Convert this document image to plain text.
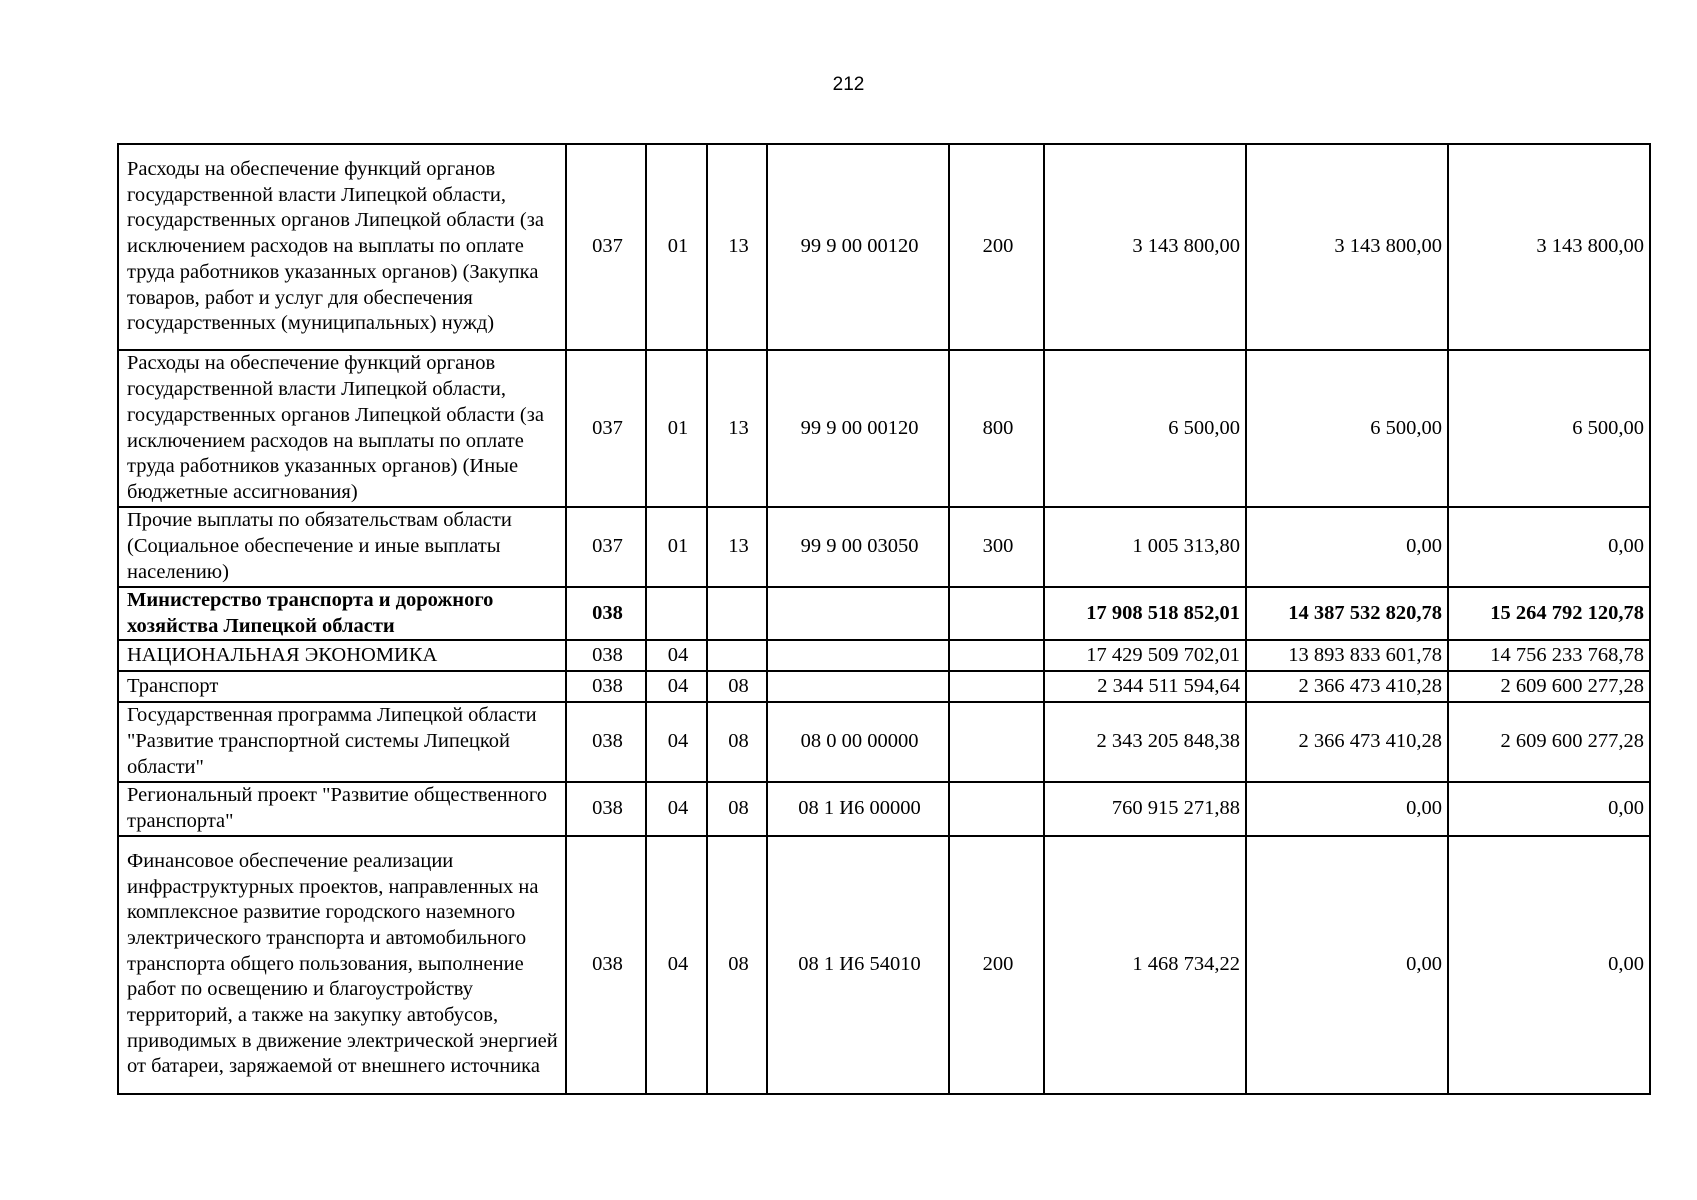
212
Расходы на обеспечение функций органов государственной власти Липецкой области, государственных органов Липецкой области (за исключением расходов на выплаты по оплате труда работников указанных органов) (Закупка товаров, работ и услуг для обеспечения государственных (муниципальных) нужд)	037	01	13	99 9 00 00120	200	3 143 800,00	3 143 800,00	3 143 800,00
Расходы на обеспечение функций органов государственной власти Липецкой области, государственных органов Липецкой области (за исключением расходов на выплаты по оплате труда работников указанных органов) (Иные бюджетные ассигнования)	037	01	13	99 9 00 00120	800	6 500,00	6 500,00	6 500,00
Прочие выплаты по обязательствам области (Социальное обеспечение и иные выплаты населению)	037	01	13	99 9 00 03050	300	1 005 313,80	0,00	0,00
Министерство транспорта и дорожного хозяйства Липецкой области	038					17 908 518 852,01	14 387 532 820,78	15 264 792 120,78
НАЦИОНАЛЬНАЯ ЭКОНОМИКА	038	04				17 429 509 702,01	13 893 833 601,78	14 756 233 768,78
Транспорт	038	04	08			2 344 511 594,64	2 366 473 410,28	2 609 600 277,28
Государственная программа Липецкой области "Развитие транспортной системы Липецкой области"	038	04	08	08 0 00 00000		2 343 205 848,38	2 366 473 410,28	2 609 600 277,28
Региональный проект "Развитие общественного транспорта"	038	04	08	08 1 И6 00000		760 915 271,88	0,00	0,00
Финансовое обеспечение реализации инфраструктурных проектов, направленных на комплексное развитие городского наземного электрического транспорта и автомобильного транспорта общего пользования, выполнение работ по освещению и благоустройству территорий, а также на закупку автобусов, приводимых в движение электрической энергией от батареи, заряжаемой от внешнего источника	038	04	08	08 1 И6 54010	200	1 468 734,22	0,00	0,00
